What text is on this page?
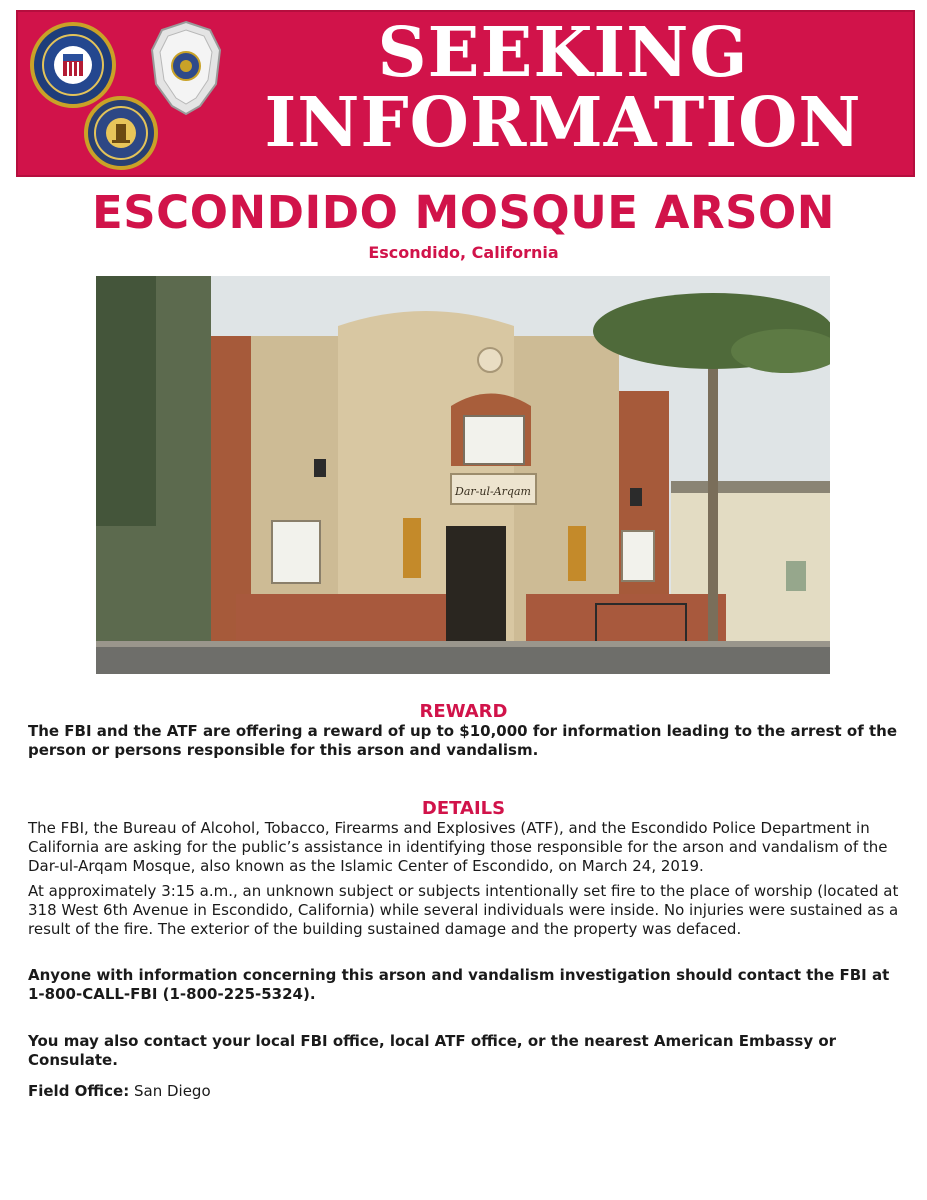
SEEKING
INFORMATION
ESCONDIDO MOSQUE ARSON
Escondido, California
Dar-ul-Arqam
REWARD
The FBI and the ATF are offering a reward of up to $10,000 for information leading to the arrest of the person or persons responsible for this arson and vandalism.
DETAILS
The FBI, the Bureau of Alcohol, Tobacco, Firearms and Explosives (ATF), and the Escondido Police Department in California are asking for the public’s assistance in identifying those responsible for the arson and vandalism of the Dar-ul-Arqam Mosque, also known as the Islamic Center of Escondido, on March 24, 2019.
At approximately 3:15 a.m., an unknown subject or subjects intentionally set fire to the place of worship (located at 318 West 6th Avenue in Escondido, California) while several individuals were inside. No injuries were sustained as a result of the fire. The exterior of the building sustained damage and the property was defaced.
Anyone with information concerning this arson and vandalism investigation should contact the FBI at 1-800-CALL-FBI (1-800-225-5324).
You may also contact your local FBI office, local ATF office, or the nearest American Embassy or Consulate.
Field Office: San Diego
